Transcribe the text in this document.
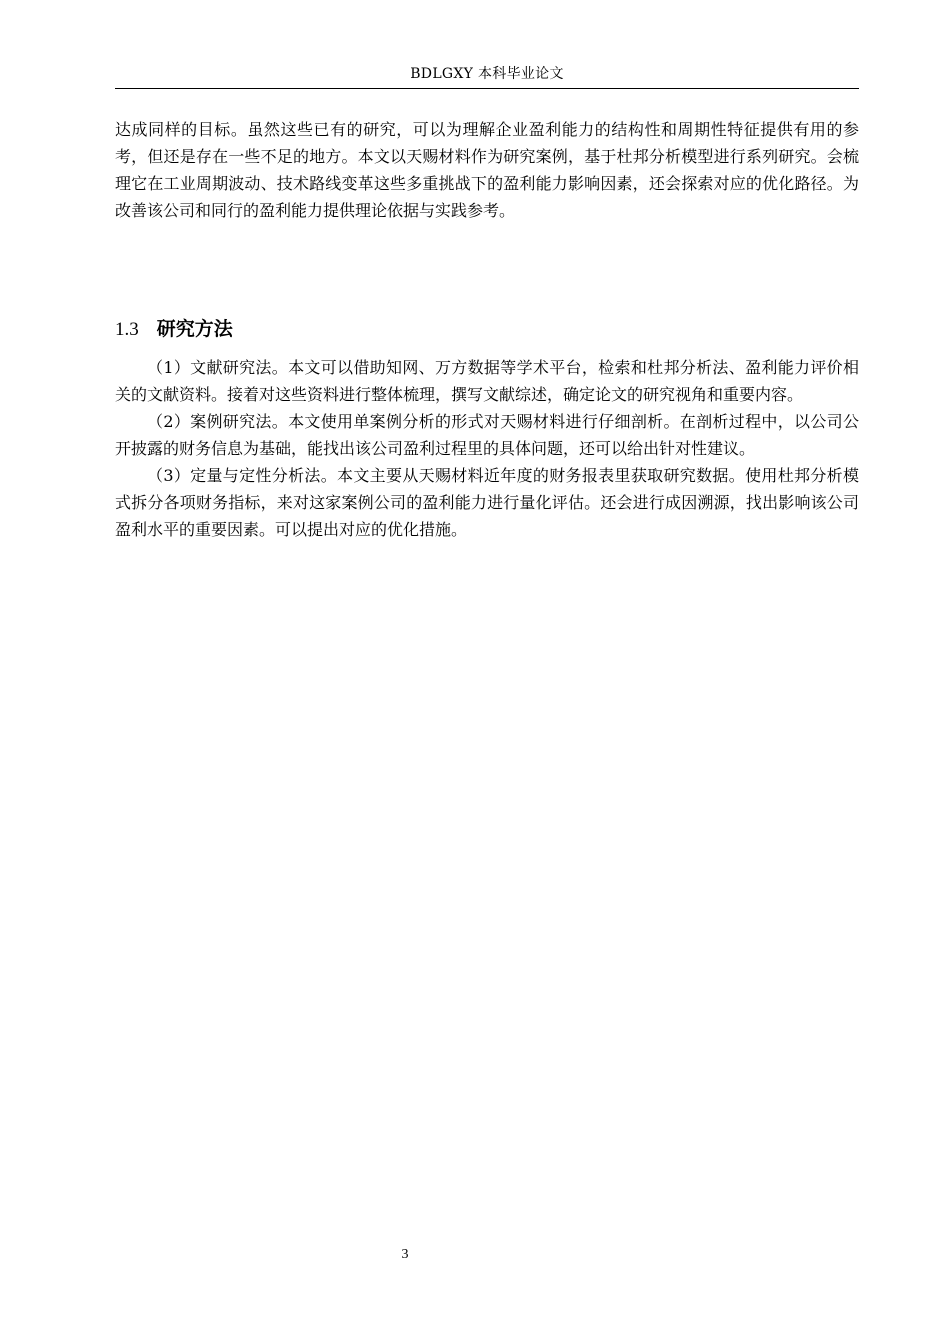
BDLGXY 本科毕业论文

达成同样的目标。虽然这些已有的研究，可以为理解企业盈利能力的结构性和周期性特征提供有用的参考，但还是存在一些不足的地方。本文以天赐材料作为研究案例，基于杜邦分析模型进行系列研究。会梳理它在工业周期波动、技术路线变革这些多重挑战下的盈利能力影响因素，还会探索对应的优化路径。为改善该公司和同行的盈利能力提供理论依据与实践参考。

1.3 研究方法

（1）文献研究法。本文可以借助知网、万方数据等学术平台，检索和杜邦分析法、盈利能力评价相关的文献资料。接着对这些资料进行整体梳理，撰写文献综述，确定论文的研究视角和重要内容。

（2）案例研究法。本文使用单案例分析的形式对天赐材料进行仔细剖析。在剖析过程中，以公司公开披露的财务信息为基础，能找出该公司盈利过程里的具体问题，还可以给出针对性建议。

（3）定量与定性分析法。本文主要从天赐材料近年度的财务报表里获取研究数据。使用杜邦分析模式拆分各项财务指标，来对这家案例公司的盈利能力进行量化评估。还会进行成因溯源，找出影响该公司盈利水平的重要因素。可以提出对应的优化措施。

3
